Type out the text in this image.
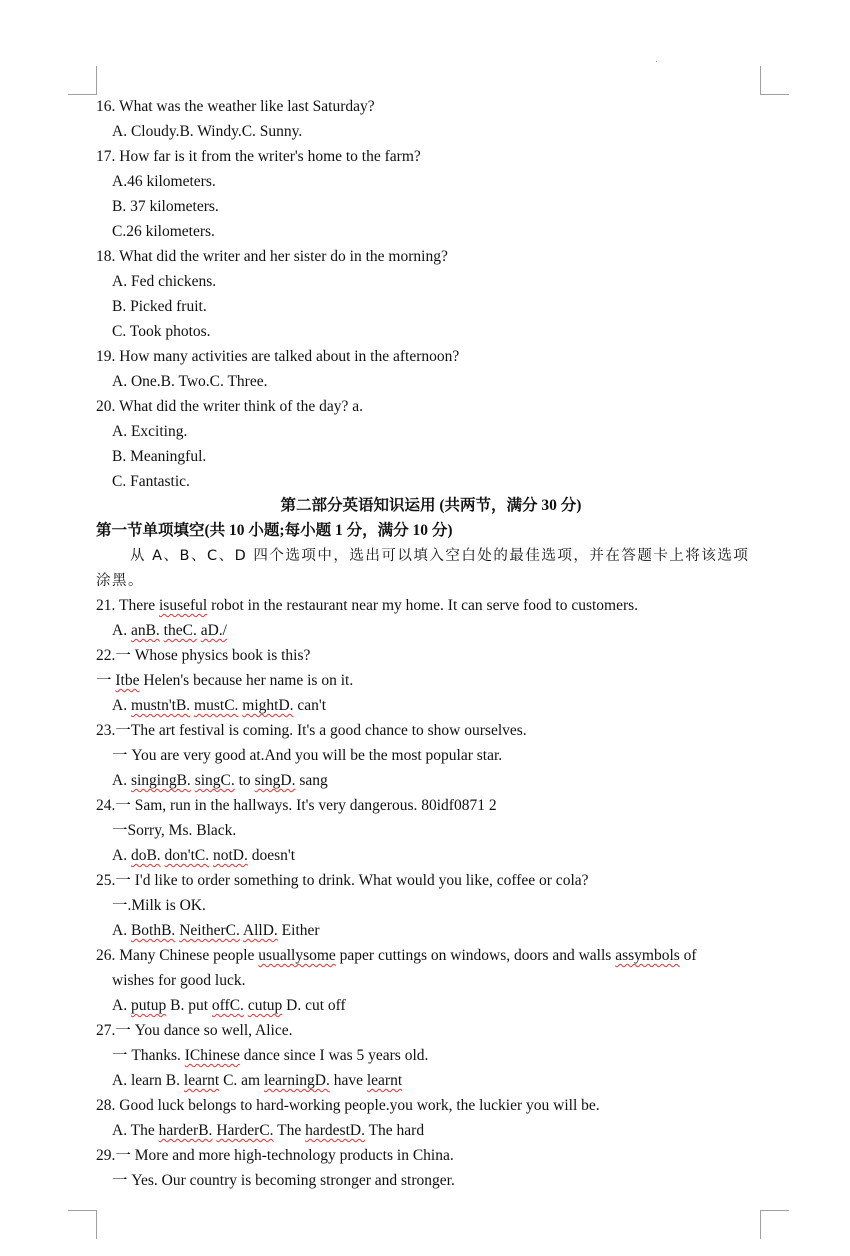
16. What was the weather like last Saturday?
A. Cloudy.B. Windy.C. Sunny.
17. How far is it from the writer's home to the farm?
A.46 kilometers.
B. 37 kilometers.
C.26 kilometers.
18. What did the writer and her sister do in the morning?
A. Fed chickens.
B. Picked fruit.
C. Took photos.
19. How many activities are talked about in the afternoon?
A. One.B. Two.C. Three.
20. What did the writer think of the day? a.
A. Exciting.
B. Meaningful.
C. Fantastic.
第二部分英语知识运用 (共两节，满分 30 分)
第一节单项填空(共 10 小题;每小题 1 分，满分 10 分)
从 A、B、C、D 四个选项中，选出可以填入空白处的最佳选项，并在答题卡上将该选项
涂黑。
21. There isuseful robot in the restaurant near my home. It can serve food to customers.
A. anB. theC. aD./
22.一 Whose physics book is this?
一 Itbe Helen's because her name is on it.
A. mustn'tB. mustC. mightD. can't
23.一The art festival is coming. It's a good chance to show ourselves.
一 You are very good at.And you will be the most popular star.
A. singingB. singC. to singD. sang
24.一 Sam, run in the hallways. It's very dangerous. 80idf0871 2
一Sorry, Ms. Black.
A. doB. don'tC. notD. doesn't
25.一 I'd like to order something to drink. What would you like, coffee or cola?
一.Milk is OK.
A. BothB. NeitherC. AllD. Either
26. Many Chinese people usuallysome paper cuttings on windows, doors and walls assymbols of
wishes for good luck.
A. putup B. put offC. cutup D. cut off
27.一 You dance so well, Alice.
一 Thanks. IChinese dance since I was 5 years old.
A. learn B. learnt C. am learningD. have learnt
28. Good luck belongs to hard-working people.you work, the luckier you will be.
A. The harderB. HarderC. The hardestD. The hard
29.一 More and more high-technology products in China.
一 Yes. Our country is becoming stronger and stronger.
